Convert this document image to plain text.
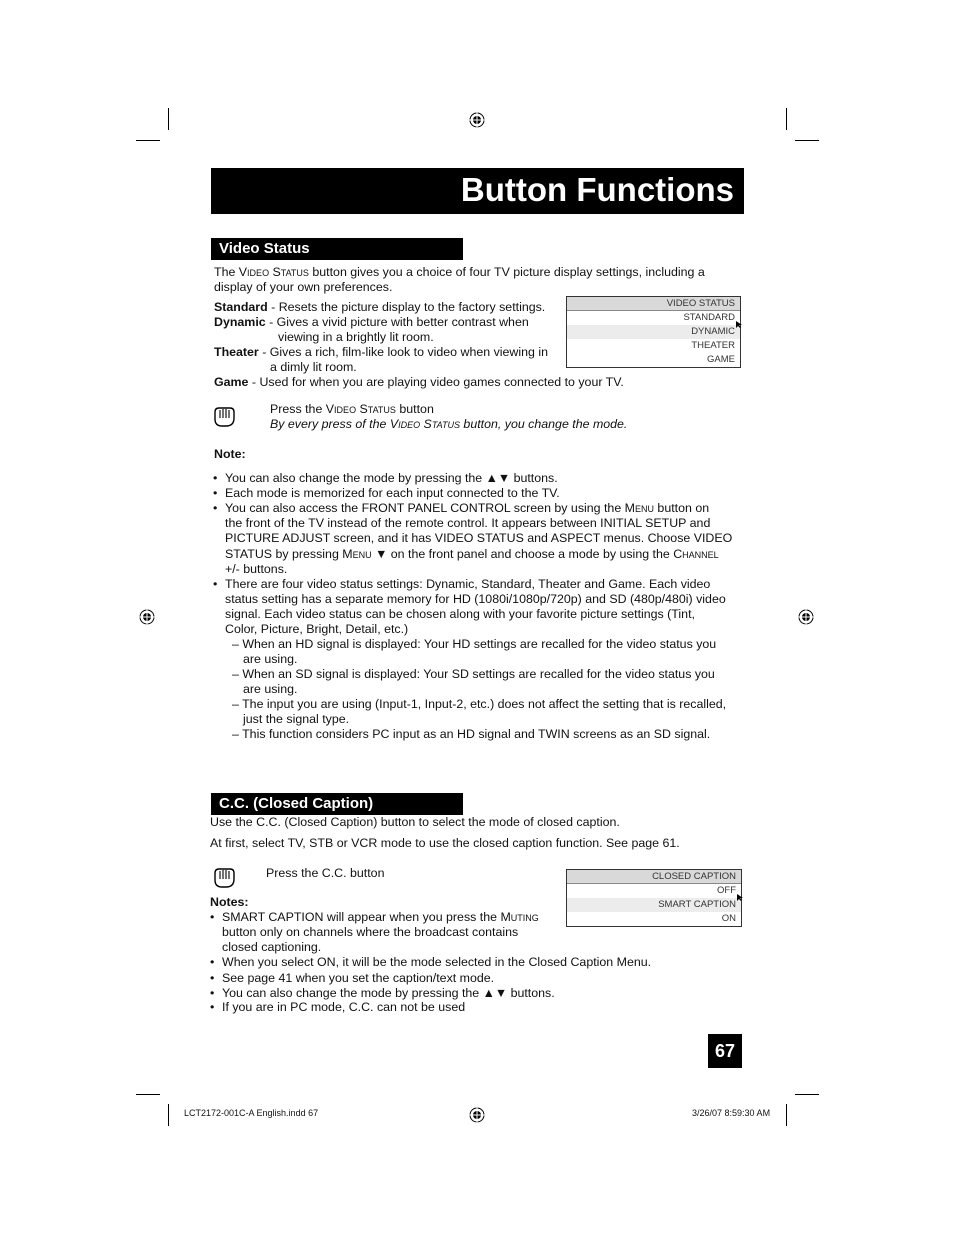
Button Functions
Video Status
The Video Status button gives you a choice of four TV picture display settings, including a
display of your own preferences.
Standard - Resets the picture display to the factory settings.
Dynamic - Gives a vivid picture with better contrast when
viewing in a brightly lit room.
Theater - Gives a rich, film-like look to video when viewing in
a dimly lit room.
Game - Used for when you are playing video games connected to your TV.
VIDEO STATUS
STANDARD
DYNAMIC
THEATER
GAME
Press the Video Status button
By every press of the Video Status button, you change the mode.
Note:
• You can also change the mode by pressing the ▲▼ buttons.
• Each mode is memorized for each input connected to the TV.
• You can also access the FRONT PANEL CONTROL screen by using the Menu button on
the front of the TV instead of the remote control. It appears between INITIAL SETUP and
PICTURE ADJUST screen, and it has VIDEO STATUS and ASPECT menus. Choose VIDEO
STATUS by pressing Menu ▼ on the front panel and choose a mode by using the Channel
+/- buttons.
• There are four video status settings: Dynamic, Standard, Theater and Game. Each video
status setting has a separate memory for HD (1080i/1080p/720p) and SD (480p/480i) video
signal. Each video status can be chosen along with your favorite picture settings (Tint,
Color, Picture, Bright, Detail, etc.)
– When an HD signal is displayed: Your HD settings are recalled for the video status you
are using.
– When an SD signal is displayed: Your SD settings are recalled for the video status you
are using.
– The input you are using (Input-1, Input-2, etc.) does not affect the setting that is recalled,
just the signal type.
– This function considers PC input as an HD signal and TWIN screens as an SD signal.
C.C. (Closed Caption)
Use the C.C. (Closed Caption) button to select the mode of closed caption.
At first, select TV, STB or VCR mode to use the closed caption function. See page 61.
Press the C.C. button	CLOSED CAPTION
OFF
SMART CAPTION
ON
Notes:
• SMART CAPTION will appear when you press the Muting
button only on channels where the broadcast contains
closed captioning.
• When you select ON, it will be the mode selected in the Closed Caption Menu.
• See page 41 when you set the caption/text mode.
• You can also change the mode by pressing the ▲▼ buttons.
• If you are in PC mode, C.C. can not be used
67
LCT2172-001C-A English.indd 67	3/26/07 8:59:30 AM
